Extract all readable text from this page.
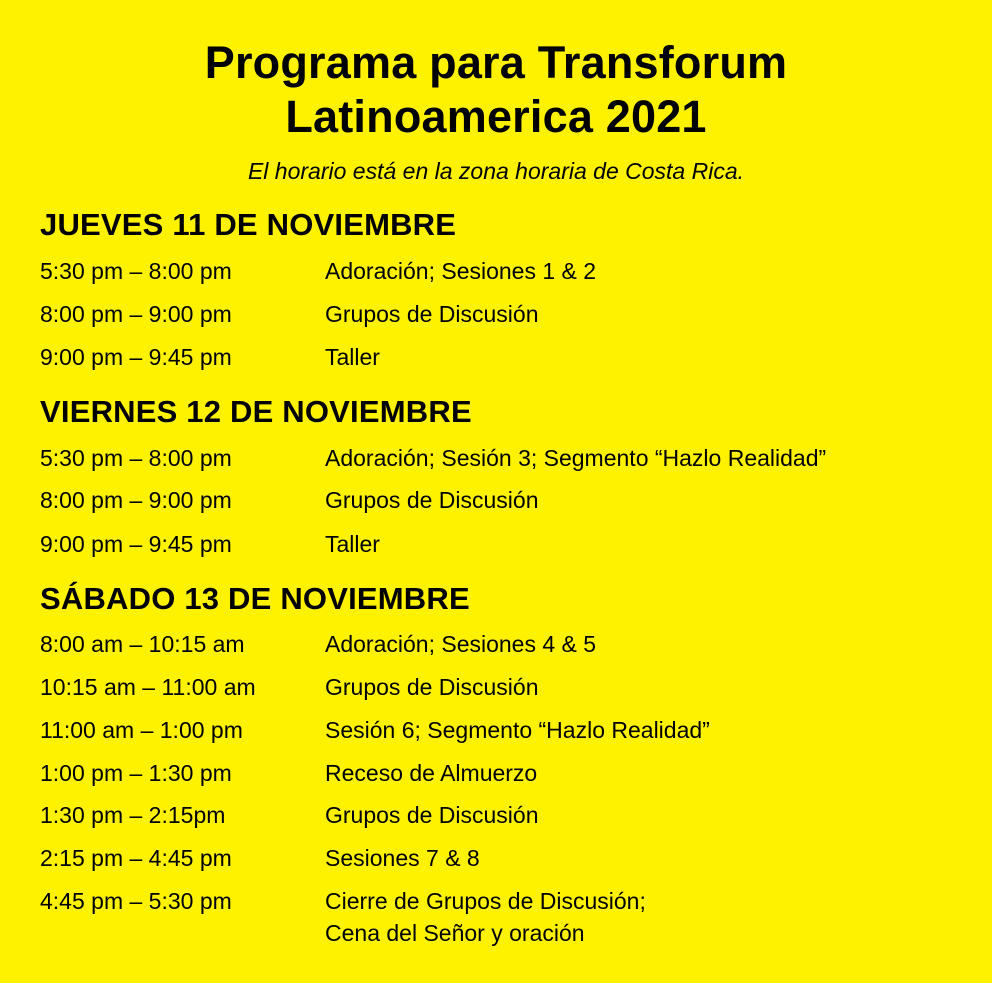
Programa para Transforum
Latinoamerica 2021
El horario está en la zona horaria de Costa Rica.
JUEVES 11 DE NOVIEMBRE
5:30 pm – 8:00 pm	Adoración; Sesiones 1 & 2
8:00 pm – 9:00 pm	Grupos de Discusión
9:00 pm – 9:45 pm	Taller
VIERNES 12 DE NOVIEMBRE
5:30 pm – 8:00 pm	Adoración; Sesión 3; Segmento “Hazlo Realidad”
8:00 pm – 9:00 pm	Grupos de Discusión
9:00 pm – 9:45 pm	Taller
SÁBADO 13 DE NOVIEMBRE
8:00 am – 10:15 am	Adoración; Sesiones 4 & 5
10:15 am – 11:00 am	Grupos de Discusión
11:00 am – 1:00 pm	Sesión 6; Segmento “Hazlo Realidad”
1:00 pm – 1:30 pm	Receso de Almuerzo
1:30 pm – 2:15pm	Grupos de Discusión
2:15 pm – 4:45 pm	Sesiones 7 & 8
4:45 pm – 5:30 pm	Cierre de Grupos de Discusión;
Cena del Señor y oración
